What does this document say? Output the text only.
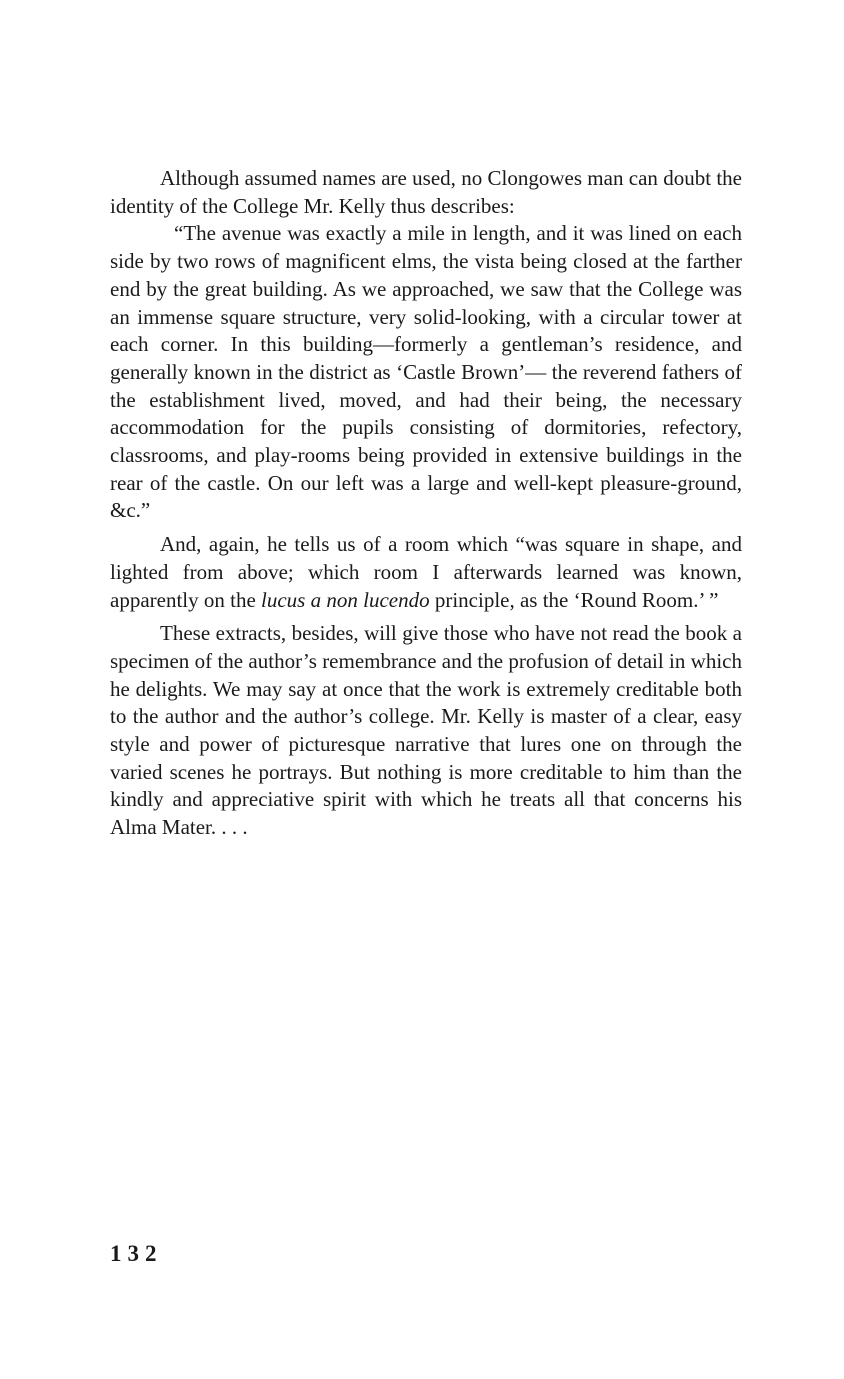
Although assumed names are used, no Clongowes man can doubt the identity of the College Mr. Kelly thus describes:

“The avenue was exactly a mile in length, and it was lined on each side by two rows of magnificent elms, the vista being closed at the farther end by the great building. As we approached, we saw that the College was an immense square structure, very solid-looking, with a circular tower at each corner. In this building—formerly a gentleman’s residence, and generally known in the district as ‘Castle Brown’— the reverend fathers of the establishment lived, moved, and had their being, the necessary accommodation for the pupils consisting of dormitories, refectory, classrooms, and play-rooms being provided in extensive buildings in the rear of the castle. On our left was a large and well-kept pleasure-ground, &c.”

And, again, he tells us of a room which “was square in shape, and lighted from above; which room I afterwards learned was known, apparently on the lucus a non lucendo principle, as the ‘Round Room.’ ”

These extracts, besides, will give those who have not read the book a specimen of the author’s remembrance and the profusion of detail in which he delights. We may say at once that the work is extremely creditable both to the author and the author’s college. Mr. Kelly is master of a clear, easy style and power of picturesque narrative that lures one on through the varied scenes he portrays. But nothing is more creditable to him than the kindly and appreciative spirit with which he treats all that concerns his Alma Mater. . . .

132
